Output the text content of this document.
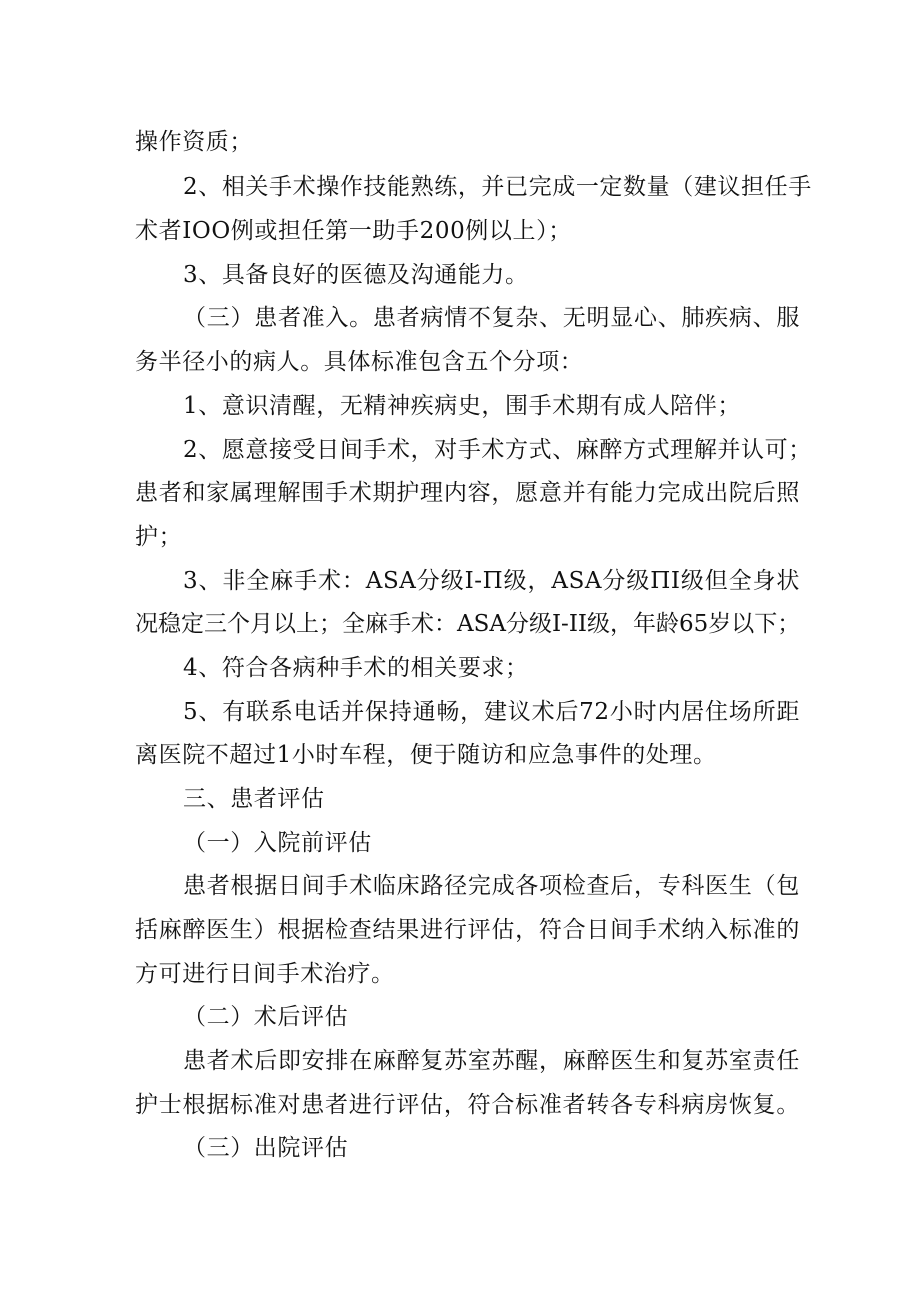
操作资质；
2、相关手术操作技能熟练，并已完成一定数量（建议担任手
术者IOO例或担任第一助手200例以上）；
3、具备良好的医德及沟通能力。
（三）患者准入。患者病情不复杂、无明显心、肺疾病、服
务半径小的病人。具体标准包含五个分项：
1、意识清醒，无精神疾病史，围手术期有成人陪伴；
2、愿意接受日间手术，对手术方式、麻醉方式理解并认可；
患者和家属理解围手术期护理内容，愿意并有能力完成出院后照
护；
3、非全麻手术：ASA分级I-Π级，ASA分级ΠI级但全身状
况稳定三个月以上；全麻手术：ASA分级I-II级，年龄65岁以下；
4、符合各病种手术的相关要求；
5、有联系电话并保持通畅，建议术后72小时内居住场所距
离医院不超过1小时车程，便于随访和应急事件的处理。
三、患者评估
（一）入院前评估
患者根据日间手术临床路径完成各项检查后，专科医生（包
括麻醉医生）根据检查结果进行评估，符合日间手术纳入标准的
方可进行日间手术治疗。
（二）术后评估
患者术后即安排在麻醉复苏室苏醒，麻醉医生和复苏室责任
护士根据标准对患者进行评估，符合标准者转各专科病房恢复。
（三）出院评估
